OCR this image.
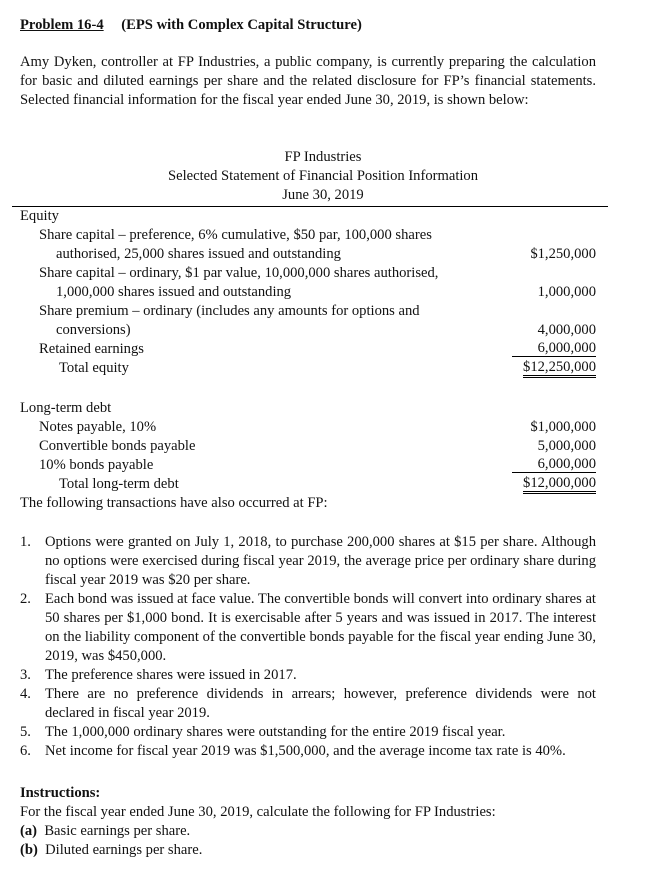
Problem 16-4 (EPS with Complex Capital Structure)
Amy Dyken, controller at FP Industries, a public company, is currently preparing the calculation for basic and diluted earnings per share and the related disclosure for FP’s financial statements. Selected financial information for the fiscal year ended June 30, 2019, is shown below:
FP Industries
Selected Statement of Financial Position Information
June 30, 2019
Equity
Share capital – preference, 6% cumulative, $50 par, 100,000 shares
authorised, 25,000 shares issued and outstanding	$1,250,000
Share capital – ordinary, $1 par value, 10,000,000 shares authorised,
1,000,000 shares issued and outstanding	1,000,000
Share premium – ordinary (includes any amounts for options and
conversions)	4,000,000
Retained earnings	6,000,000
Total equity	$12,250,000
Long-term debt
Notes payable, 10%	$1,000,000
Convertible bonds payable	5,000,000
10% bonds payable	6,000,000
Total long-term debt	$12,000,000
The following transactions have also occurred at FP:
1. Options were granted on July 1, 2018, to purchase 200,000 shares at $15 per share. Although no options were exercised during fiscal year 2019, the average price per ordinary share during fiscal year 2019 was $20 per share.
2. Each bond was issued at face value. The convertible bonds will convert into ordinary shares at 50 shares per $1,000 bond. It is exercisable after 5 years and was issued in 2017. The interest on the liability component of the convertible bonds payable for the fiscal year ending June 30, 2019, was $450,000.
3. The preference shares were issued in 2017.
4. There are no preference dividends in arrears; however, preference dividends were not declared in fiscal year 2019.
5. The 1,000,000 ordinary shares were outstanding for the entire 2019 fiscal year.
6. Net income for fiscal year 2019 was $1,500,000, and the average income tax rate is 40%.
Instructions:
For the fiscal year ended June 30, 2019, calculate the following for FP Industries:
(a) Basic earnings per share.
(b) Diluted earnings per share.
